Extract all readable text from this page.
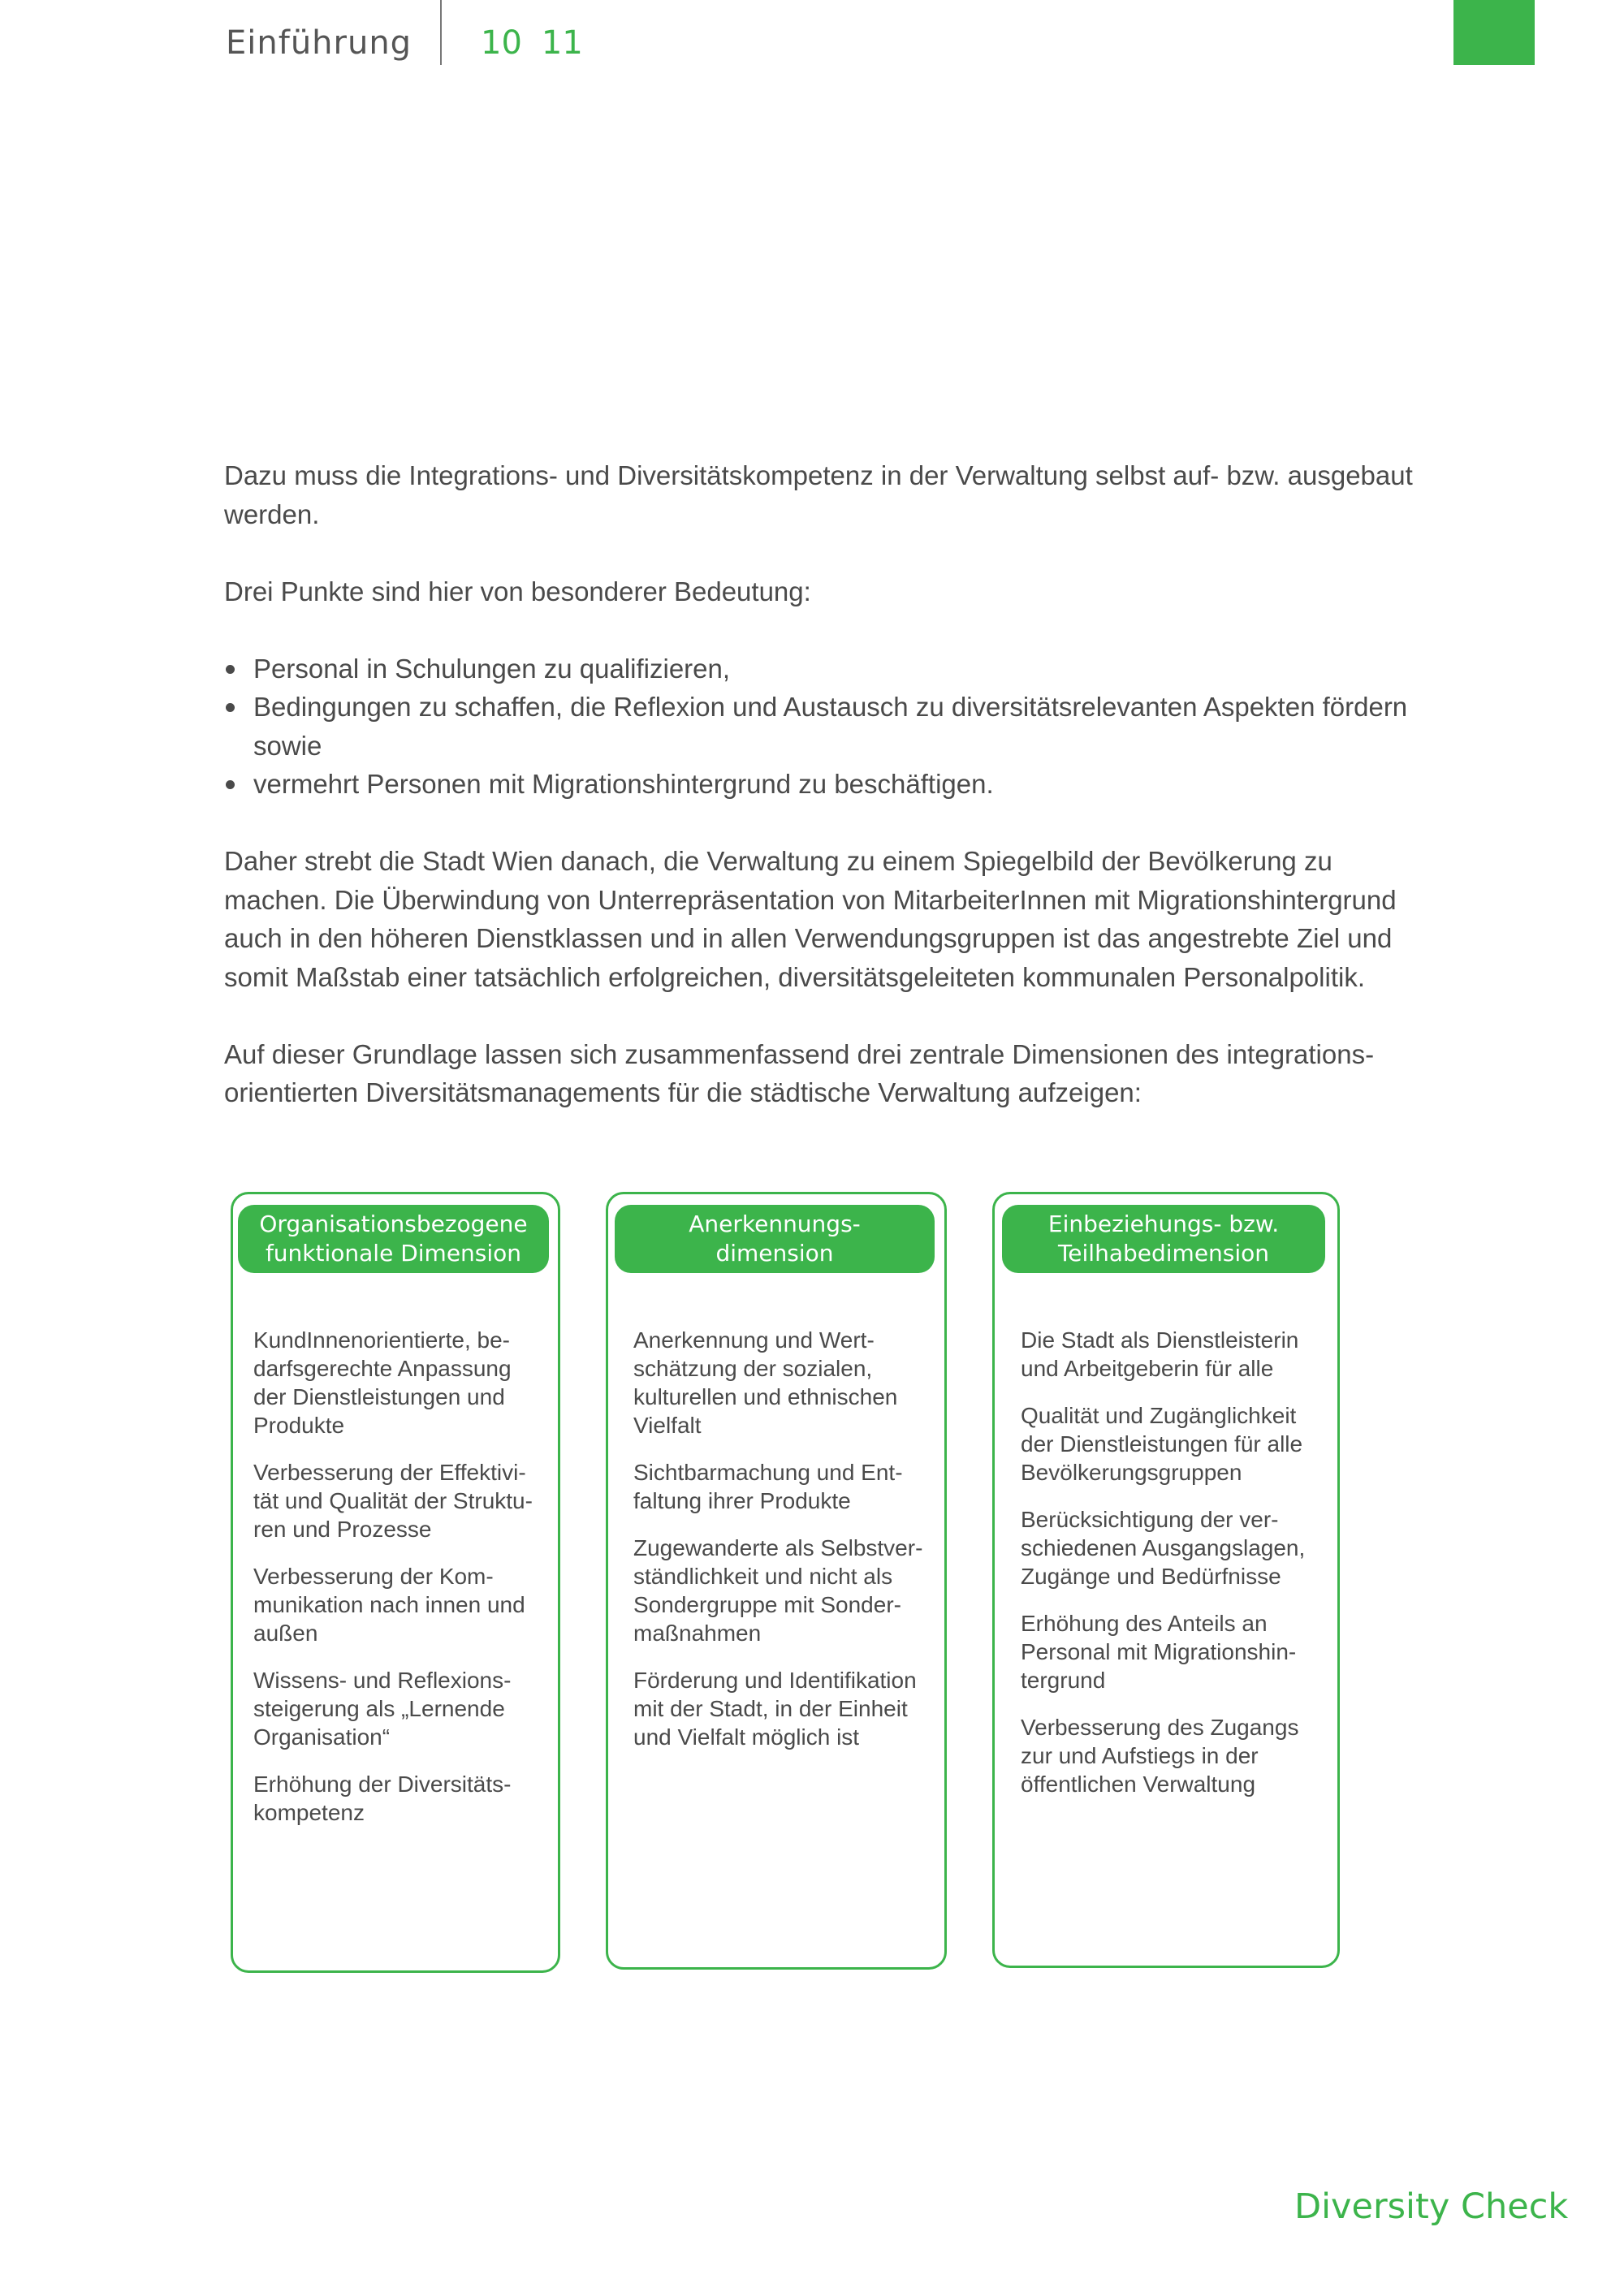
Einführung 10 11

Dazu muss die Integrations- und Diversitätskompetenz in der Verwaltung selbst auf- bzw. ausgebaut
werden.

Drei Punkte sind hier von besonderer Bedeutung:

Personal in Schulungen zu qualifizieren,
Bedingungen zu schaffen, die Reflexion und Austausch zu diversitätsrelevanten Aspekten fördern
sowie
vermehrt Personen mit Migrationshintergrund zu beschäftigen.

Daher strebt die Stadt Wien danach, die Verwaltung zu einem Spiegelbild der Bevölkerung zu
machen. Die Überwindung von Unterrepräsentation von MitarbeiterInnen mit Migrationshintergrund
auch in den höheren Dienstklassen und in allen Verwendungsgruppen ist das angestrebte Ziel und
somit Maßstab einer tatsächlich erfolgreichen, diversitätsgeleiteten kommunalen Personalpolitik.

Auf dieser Grundlage lassen sich zusammenfassend drei zentrale Dimensionen des integrations-
orientierten Diversitätsmanagements für die städtische Verwaltung aufzeigen:

Organisationsbezogene
funktionale Dimension
KundInnenorientierte, be-
darfsgerechte Anpassung
der Dienstleistungen und
Produkte
Verbesserung der Effektivi-
tät und Qualität der Struktu-
ren und Prozesse
Verbesserung der Kom-
munikation nach innen und
außen
Wissens- und Reflexions-
steigerung als „Lernende
Organisation“
Erhöhung der Diversitäts-
kompetenz
Anerkennungs-
dimension
Anerkennung und Wert-
schätzung der sozialen,
kulturellen und ethnischen
Vielfalt
Sichtbarmachung und Ent-
faltung ihrer Produkte
Zugewanderte als Selbstver-
ständlichkeit und nicht als
Sondergruppe mit Sonder-
maßnahmen
Förderung und Identifikation
mit der Stadt, in der Einheit
und Vielfalt möglich ist
Einbeziehungs- bzw.
Teilhabedimension
Die Stadt als Dienstleisterin
und Arbeitgeberin für alle
Qualität und Zugänglichkeit
der Dienstleistungen für alle
Bevölkerungsgruppen
Berücksichtigung der ver-
schiedenen Ausgangslagen,
Zugänge und Bedürfnisse
Erhöhung des Anteils an
Personal mit Migrationshin-
tergrund
Verbesserung des Zugangs
zur und Aufstiegs in der
öffentlichen Verwaltung
Diversity Check
